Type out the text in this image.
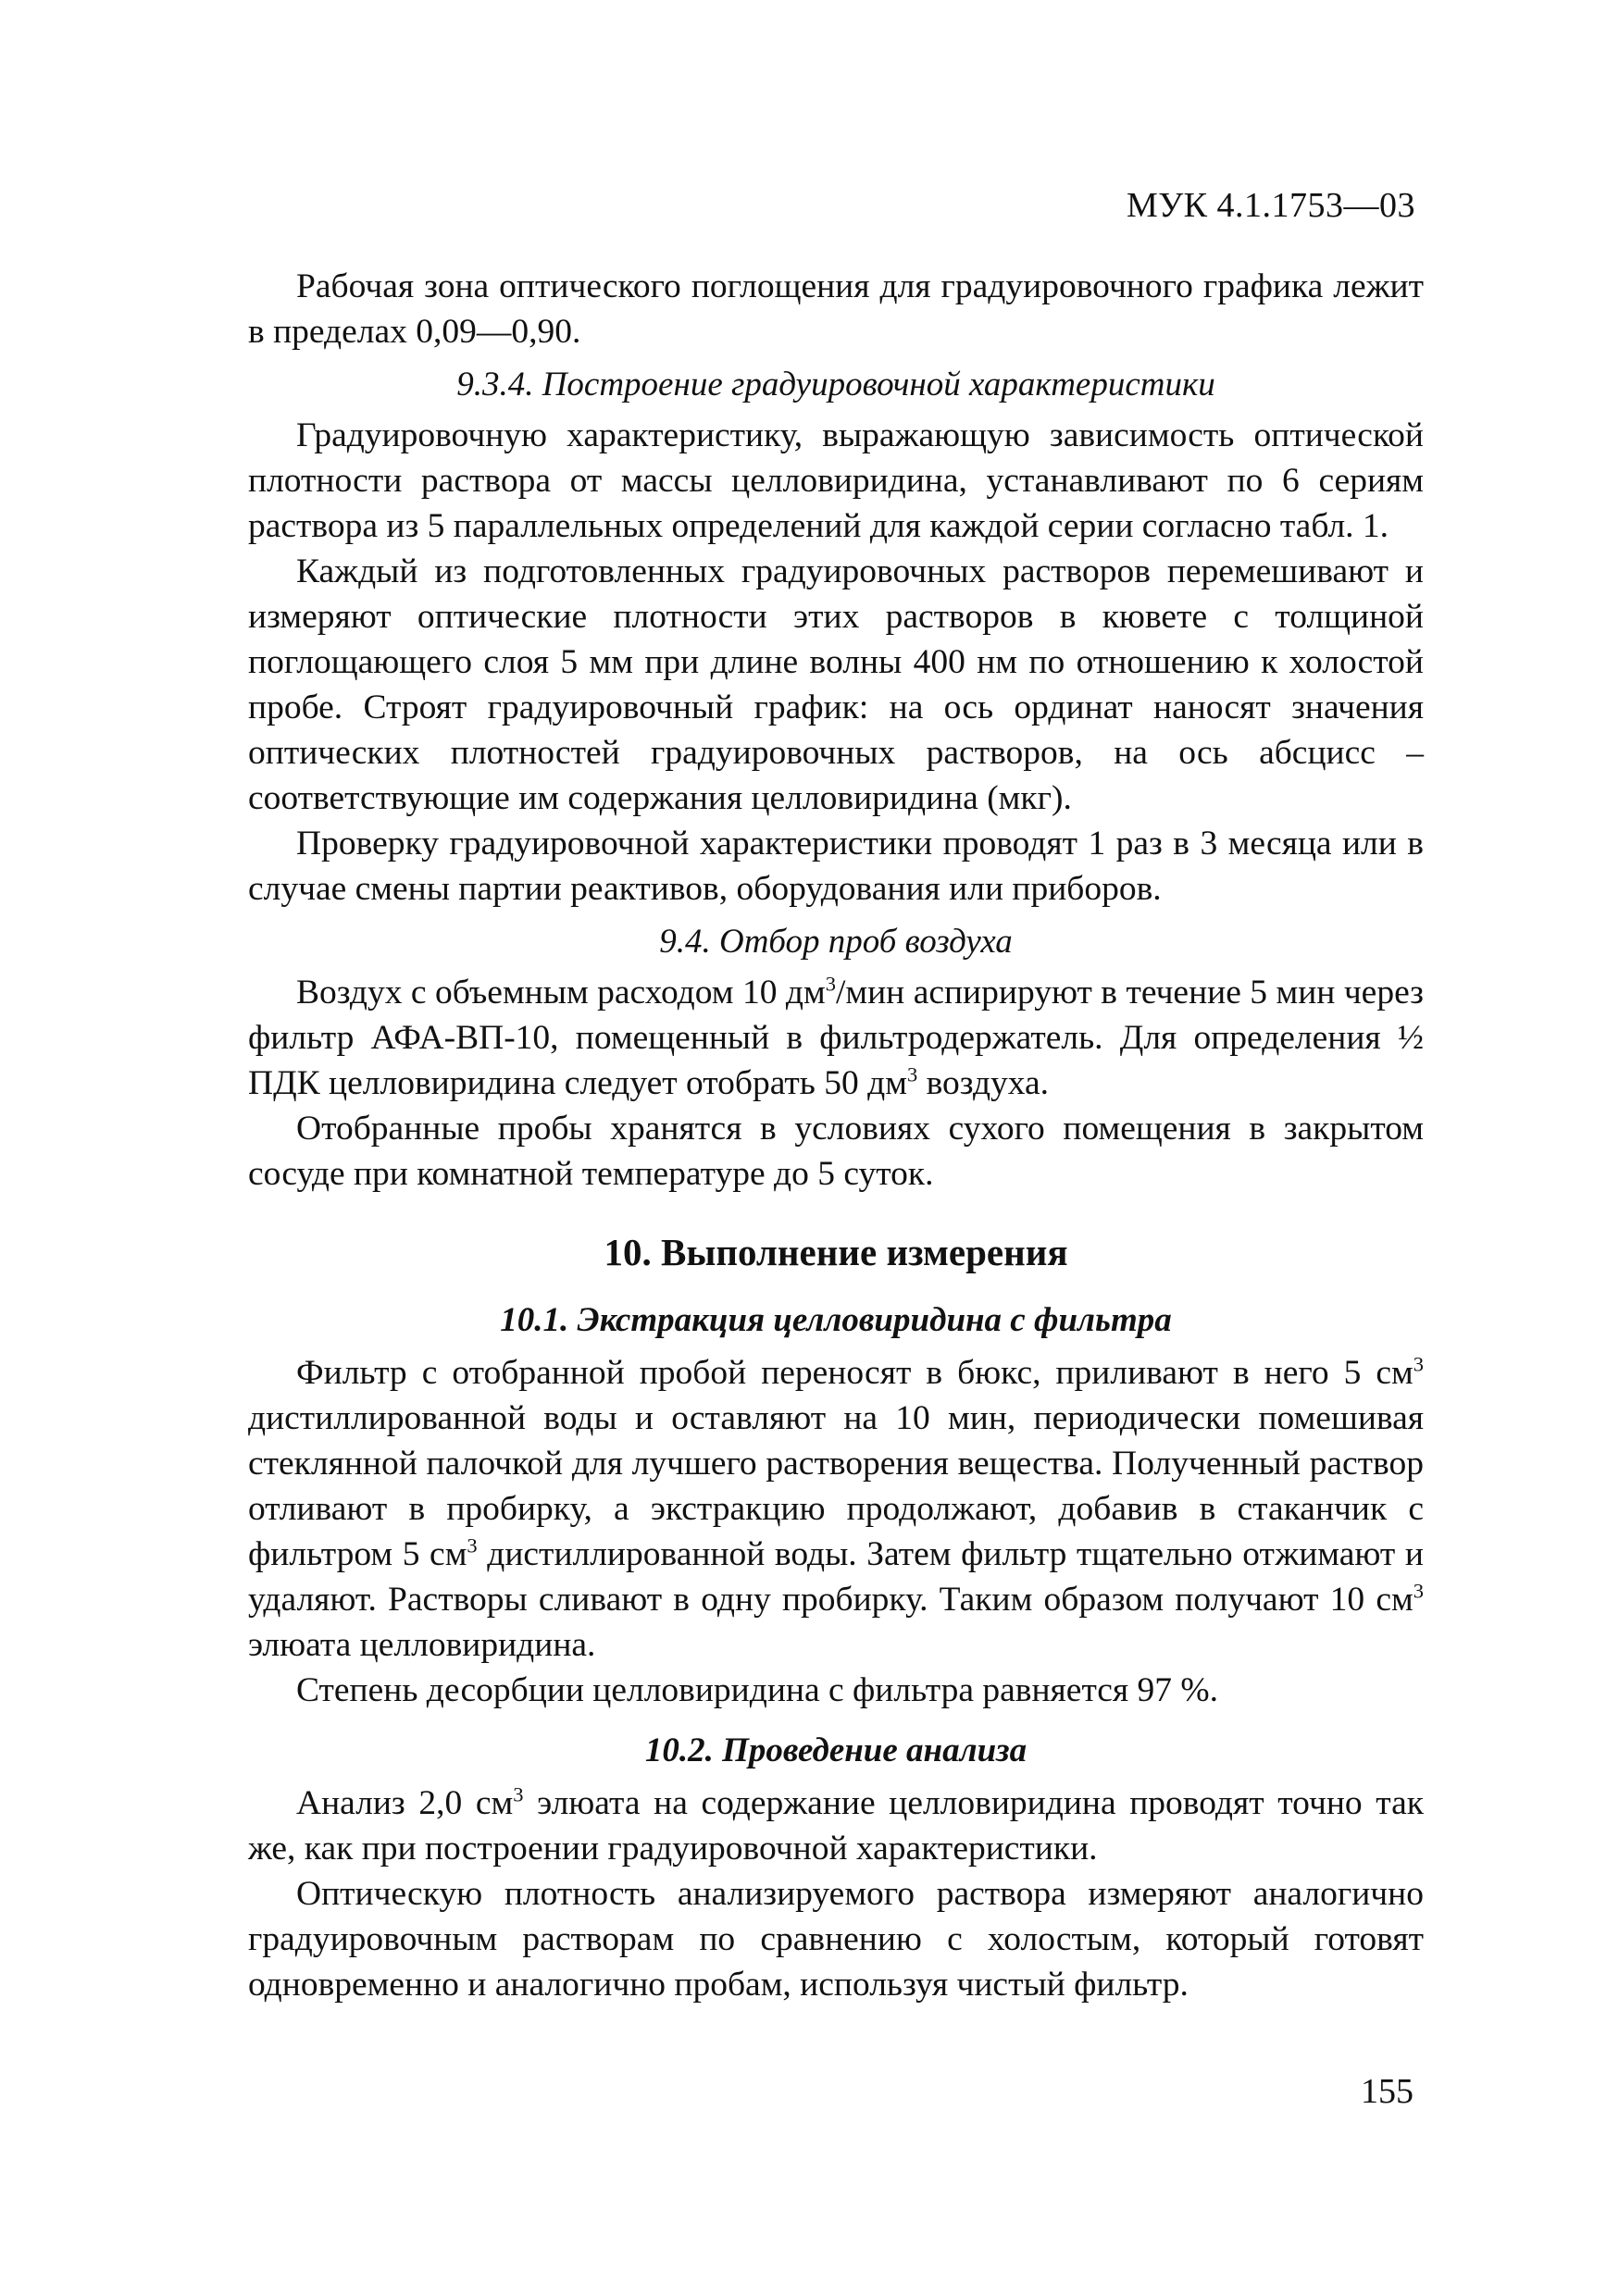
МУК 4.1.1753—03

Рабочая зона оптического поглощения для градуировочного графика лежит в пределах 0,09—0,90.

9.3.4. Построение градуировочной характеристики

Градуировочную характеристику, выражающую зависимость оптической плотности раствора от массы целловиридина, устанавливают по 6 сериям раствора из 5 параллельных определений для каждой серии согласно табл. 1.

Каждый из подготовленных градуировочных растворов перемешивают и измеряют оптические плотности этих растворов в кювете с толщиной поглощающего слоя 5 мм при длине волны 400 нм по отношению к холостой пробе. Строят градуировочный график: на ось ординат наносят значения оптических плотностей градуировочных растворов, на ось абсцисс – соответствующие им содержания целловиридина (мкг).

Проверку градуировочной характеристики проводят 1 раз в 3 месяца или в случае смены партии реактивов, оборудования или приборов.

9.4. Отбор проб воздуха

Воздух с объемным расходом 10 $дм^3$/мин аспирируют в течение 5 мин через фильтр АФА-ВП-10, помещенный в фильтродержатель. Для определения ½ ПДК целловиридина следует отобрать 50 $дм^3$ воздуха.

Отобранные пробы хранятся в условиях сухого помещения в закрытом сосуде при комнатной температуре до 5 суток.

10. Выполнение измерения
10.1. Экстракция целловиридина с фильтра

Фильтр с отобранной пробой переносят в бюкс, приливают в него 5 $см^3$ дистиллированной воды и оставляют на 10 мин, периодически помешивая стеклянной палочкой для лучшего растворения вещества. Полученный раствор отливают в пробирку, а экстракцию продолжают, добавив в стаканчик с фильтром 5 $см^3$ дистиллированной воды. Затем фильтр тщательно отжимают и удаляют. Растворы сливают в одну пробирку. Таким образом получают 10 $см^3$ элюата целловиридина.

Степень десорбции целловиридина с фильтра равняется 97 %.

10.2. Проведение анализа

Анализ 2,0 $см^3$ элюата на содержание целловиридина проводят точно так же, как при построении градуировочной характеристики.

Оптическую плотность анализируемого раствора измеряют аналогично градуировочным растворам по сравнению с холостым, который готовят одновременно и аналогично пробам, используя чистый фильтр.

155
